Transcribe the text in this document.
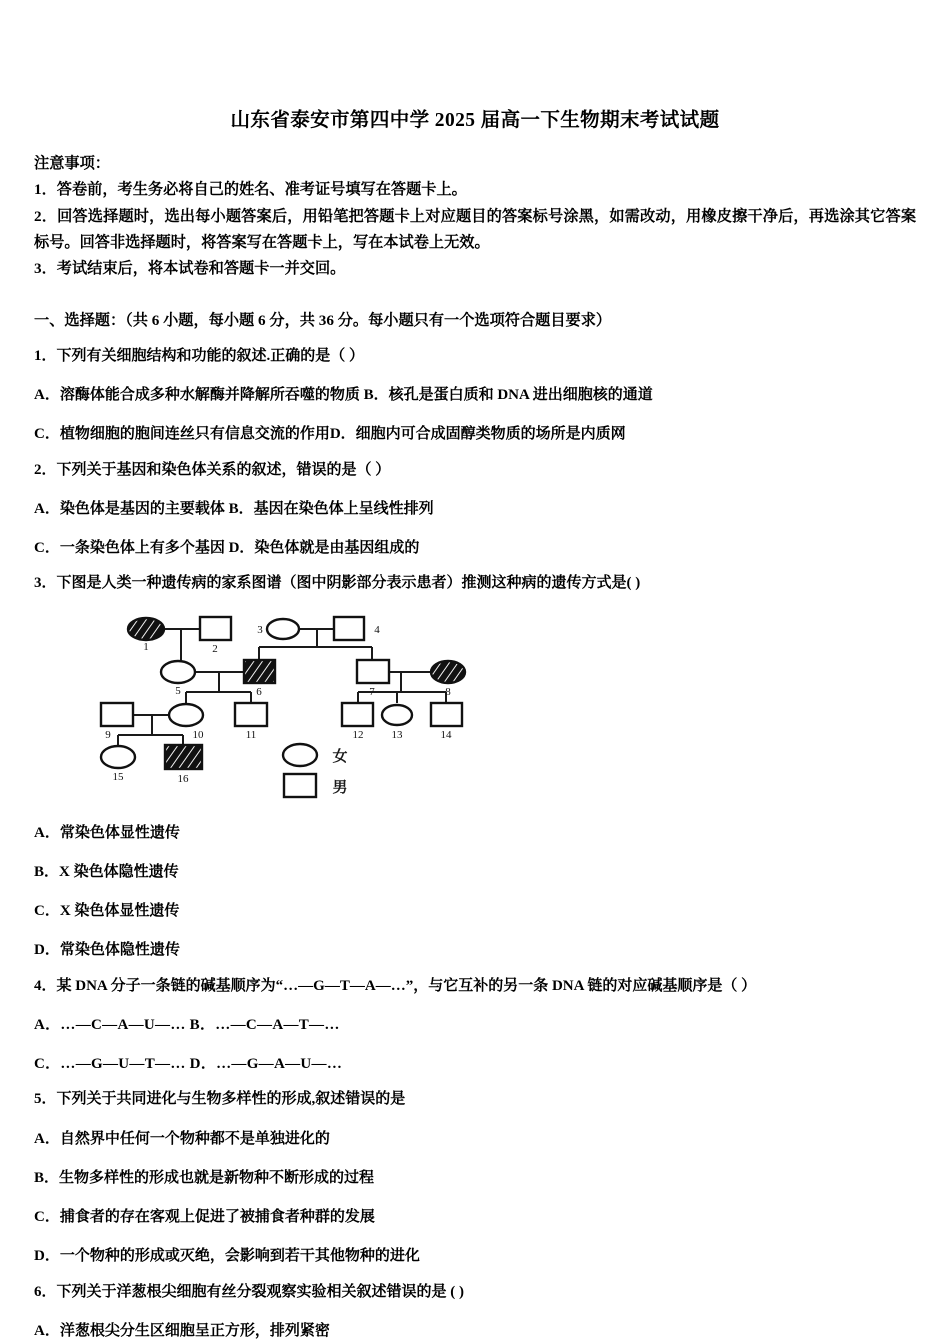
山东省泰安市第四中学 2025 届高一下生物期末考试试题
注意事项：
1．答卷前，考生务必将自己的姓名、准考证号填写在答题卡上。
2．回答选择题时，选出每小题答案后，用铅笔把答题卡上对应题目的答案标号涂黑，如需改动，用橡皮擦干净后，再选涂其它答案标号。回答非选择题时，将答案写在答题卡上，写在本试卷上无效。
3．考试结束后，将本试卷和答题卡一并交回。
一、选择题：（共 6 小题，每小题 6 分，共 36 分。每小题只有一个选项符合题目要求）
1．下列有关细胞结构和功能的叙述.正确的是（ ）
A．溶酶体能合成多种水解酶并降解所吞噬的物质 B．核孔是蛋白质和 DNA 进出细胞核的通道
C．植物细胞的胞间连丝只有信息交流的作用D．细胞内可合成固醇类物质的场所是内质网
2．下列关于基因和染色体关系的叙述，错误的是（ ）
A．染色体是基因的主要载体 B．基因在染色体上呈线性排列
C．一条染色体上有多个基因 D．染色体就是由基因组成的
3．下图是人类一种遗传病的家系图谱（图中阴影部分表示患者）推测这种病的遗传方式是( )
1	2
3	4
5	6	7	8
9	10	11	12	13	14
15	16
女
男
A．常染色体显性遗传
B．X 染色体隐性遗传
C．X 染色体显性遗传
D．常染色体隐性遗传
4．某 DNA 分子一条链的碱基顺序为“…—G—T—A—…”，与它互补的另一条 DNA 链的对应碱基顺序是（ ）
A．…—C—A—U—… B．…—C—A—T—…
C．…—G—U—T—… D．…—G—A—U—…
5．下列关于共同进化与生物多样性的形成,叙述错误的是
A．自然界中任何一个物种都不是单独进化的
B．生物多样性的形成也就是新物种不断形成的过程
C．捕食者的存在客观上促进了被捕食者种群的发展
D．一个物种的形成或灭绝，会影响到若干其他物种的进化
6．下列关于洋葱根尖细胞有丝分裂观察实验相关叙述错误的是 ( )
A．洋葱根尖分生区细胞呈正方形，排列紧密
